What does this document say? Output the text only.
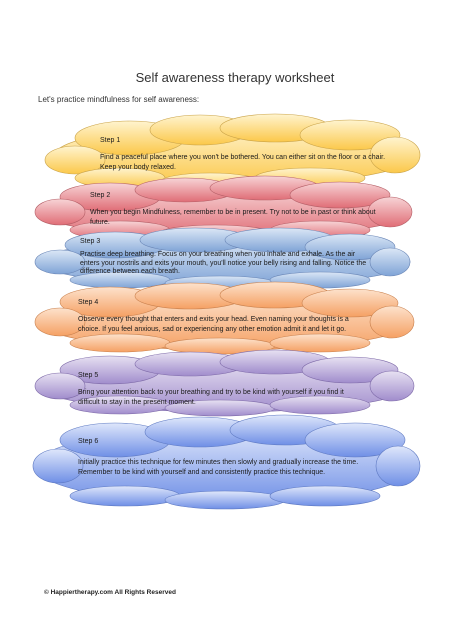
Self awareness therapy worksheet
Let's practice mindfulness for self awareness:
Step 1
Find a peaceful place where you won't be bothered. You can either sit on the floor or a chair. Keep your body relaxed.
Step 2
When you begin Mindfulness, remember to be in present. Try not to be in past or think about future.
Step 3
Practise deep breathing. Focus on your breathing when you inhale and exhale. As the air enters your nostrils and exits your mouth, you'll notice your belly rising and falling. Notice the difference between each breath.
Step 4
Observe every thought that enters and exits your head. Even naming your thoughts is a choice. If you feel anxious, sad or experiencing any other emotion admit it and let it go.
Step 5
Bring your attention back to your breathing and try to be kind with yourself if you find it difficult to stay in the present moment.
Step 6
Initially practice this technique for few minutes then slowly and gradually increase the time. Remember to be kind with yourself and and consistently practice this technique.
© Happiertherapy.com All Rights Reserved
